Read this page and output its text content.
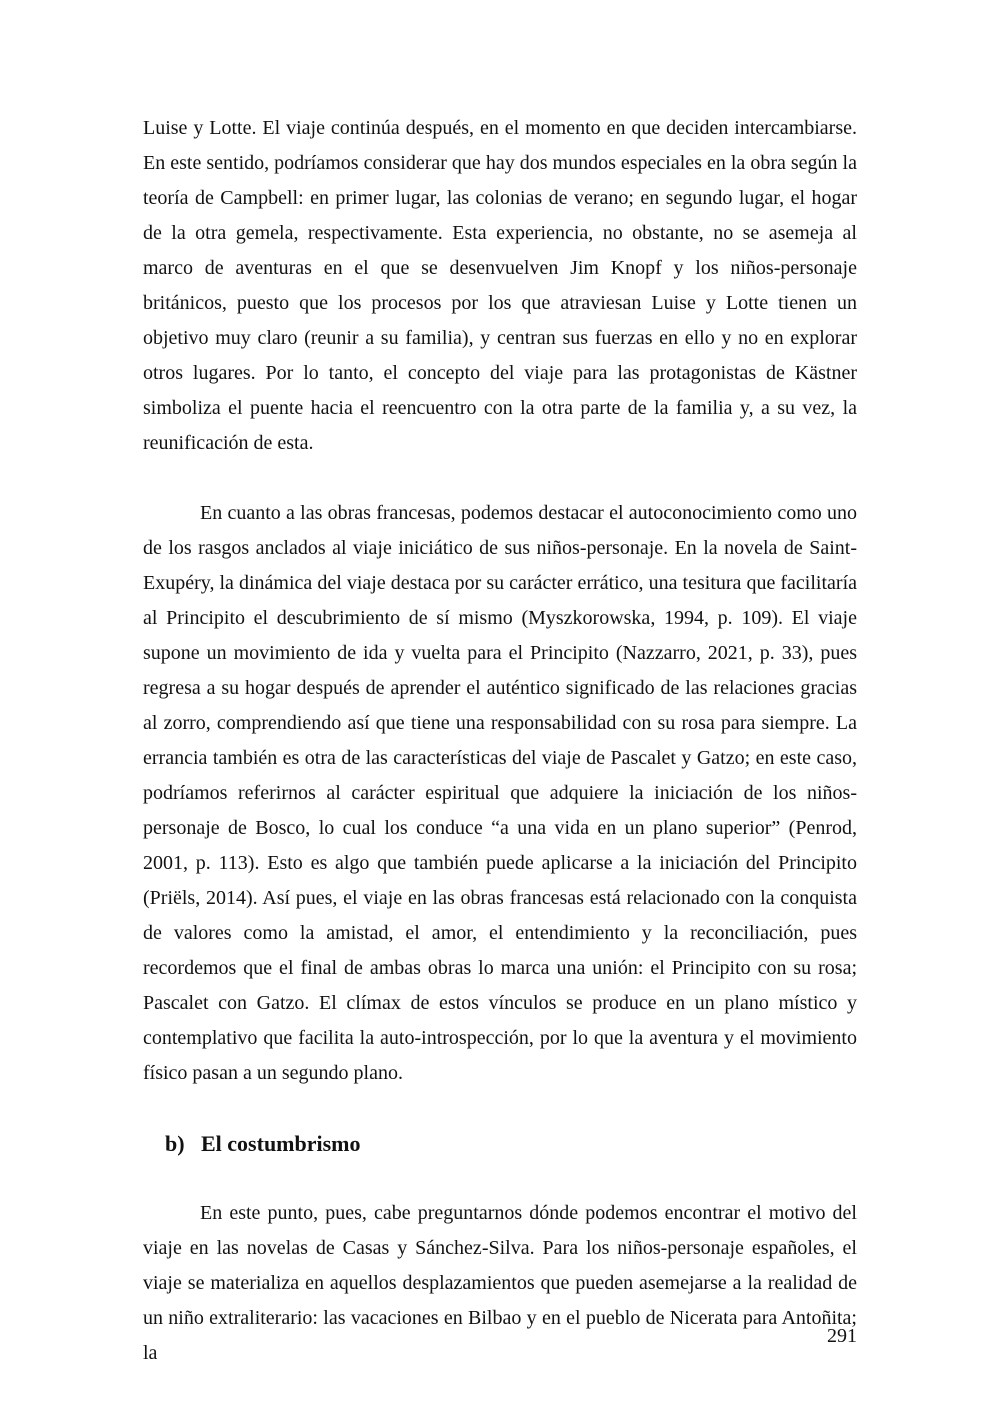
Luise y Lotte. El viaje continúa después, en el momento en que deciden intercambiarse. En este sentido, podríamos considerar que hay dos mundos especiales en la obra según la teoría de Campbell: en primer lugar, las colonias de verano; en segundo lugar, el hogar de la otra gemela, respectivamente. Esta experiencia, no obstante, no se asemeja al marco de aventuras en el que se desenvuelven Jim Knopf y los niños-personaje británicos, puesto que los procesos por los que atraviesan Luise y Lotte tienen un objetivo muy claro (reunir a su familia), y centran sus fuerzas en ello y no en explorar otros lugares. Por lo tanto, el concepto del viaje para las protagonistas de Kästner simboliza el puente hacia el reencuentro con la otra parte de la familia y, a su vez, la reunificación de esta.

En cuanto a las obras francesas, podemos destacar el autoconocimiento como uno de los rasgos anclados al viaje iniciático de sus niños-personaje. En la novela de Saint-Exupéry, la dinámica del viaje destaca por su carácter errático, una tesitura que facilitaría al Principito el descubrimiento de sí mismo (Myszkorowska, 1994, p. 109). El viaje supone un movimiento de ida y vuelta para el Principito (Nazzarro, 2021, p. 33), pues regresa a su hogar después de aprender el auténtico significado de las relaciones gracias al zorro, comprendiendo así que tiene una responsabilidad con su rosa para siempre. La errancia también es otra de las características del viaje de Pascalet y Gatzo; en este caso, podríamos referirnos al carácter espiritual que adquiere la iniciación de los niños-personaje de Bosco, lo cual los conduce “a una vida en un plano superior” (Penrod, 2001, p. 113). Esto es algo que también puede aplicarse a la iniciación del Principito (Priëls, 2014). Así pues, el viaje en las obras francesas está relacionado con la conquista de valores como la amistad, el amor, el entendimiento y la reconciliación, pues recordemos que el final de ambas obras lo marca una unión: el Principito con su rosa; Pascalet con Gatzo. El clímax de estos vínculos se produce en un plano místico y contemplativo que facilita la auto-introspección, por lo que la aventura y el movimiento físico pasan a un segundo plano.

b) El costumbrismo

En este punto, pues, cabe preguntarnos dónde podemos encontrar el motivo del viaje en las novelas de Casas y Sánchez-Silva. Para los niños-personaje españoles, el viaje se materializa en aquellos desplazamientos que pueden asemejarse a la realidad de un niño extraliterario: las vacaciones en Bilbao y en el pueblo de Nicerata para Antoñita; la

291
